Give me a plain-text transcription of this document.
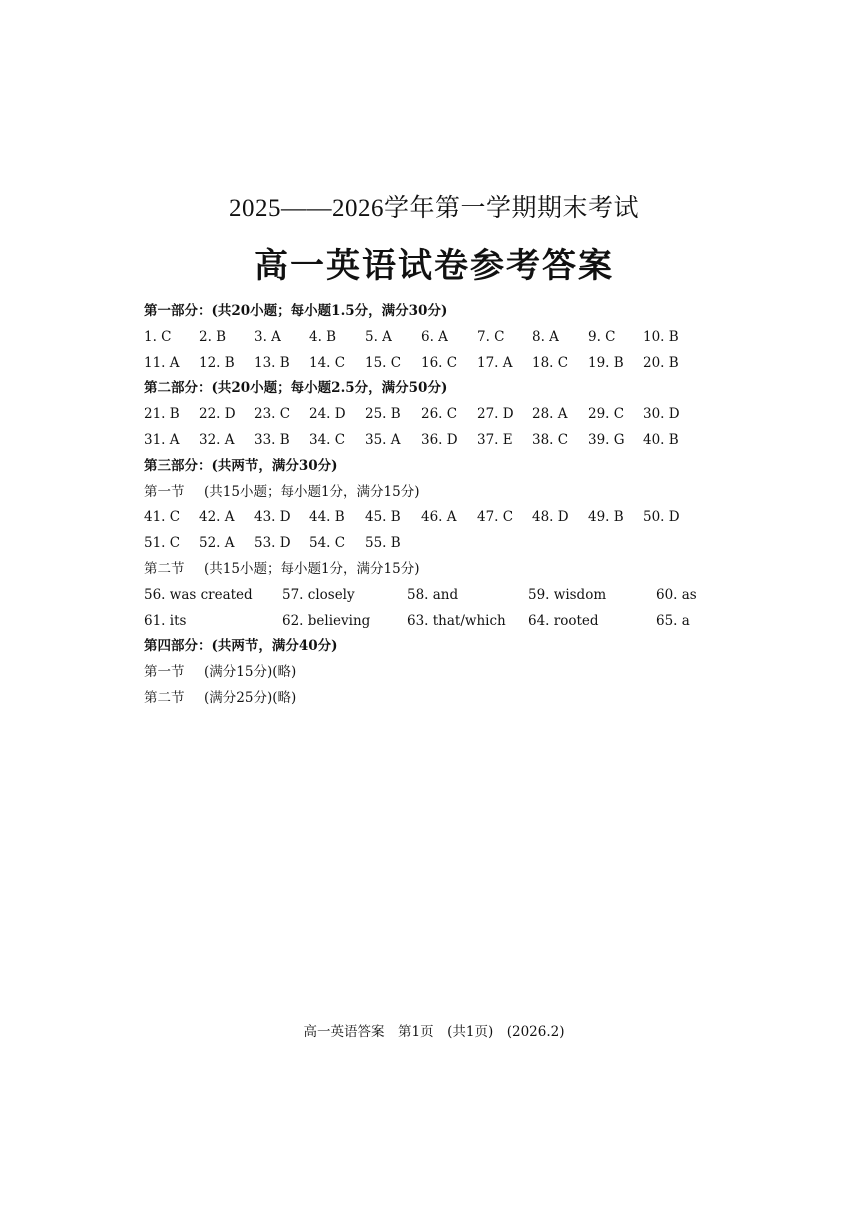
2025——2026学年第一学期期末考试
高一英语试卷参考答案
第一部分：(共20小题；每小题1.5分，满分30分)
1. C 2. B 3. A 4. B 5. A 6. A 7. C 8. A 9. C 10. B
11. A 12. B 13. B 14. C 15. C 16. C 17. A 18. C 19. B 20. B
第二部分：(共20小题；每小题2.5分，满分50分)
21. B 22. D 23. C 24. D 25. B 26. C 27. D 28. A 29. C 30. D
31. A 32. A 33. B 34. C 35. A 36. D 37. E 38. C 39. G 40. B
第三部分：(共两节，满分30分)
第一节 (共15小题；每小题1分，满分15分)
41. C 42. A 43. D 44. B 45. B 46. A 47. C 48. D 49. B 50. D
51. C 52. A 53. D 54. C 55. B
第二节 (共15小题；每小题1分，满分15分)
56. was created 57. closely	58. and	59. wisdom	60. as
61. its	62. believing	63. that/which 64. rooted	65. a
第四部分：(共两节，满分40分)
第一节 (满分15分)(略)
第二节 (满分25分)(略)
高一英语答案　第1页　(共1页)　(2026.2)
